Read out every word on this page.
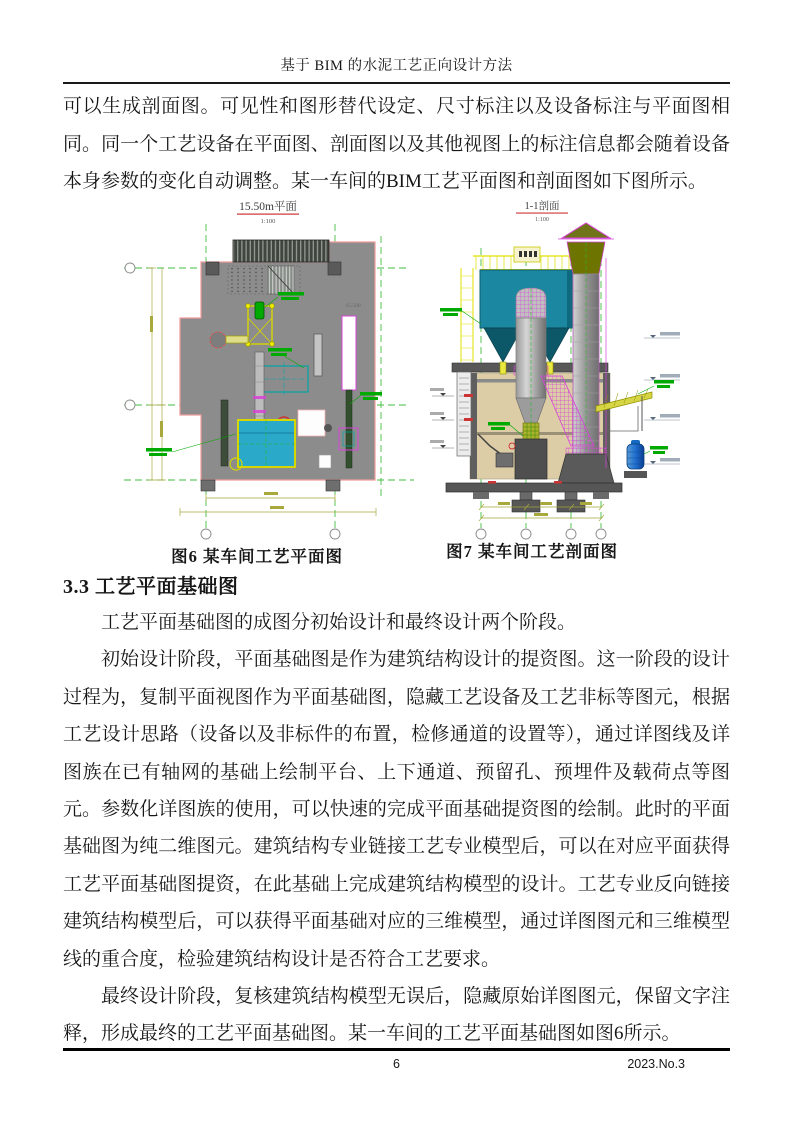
基于 BIM 的水泥工艺正向设计方法
可以生成剖面图。可见性和图形替代设定、尺寸标注以及设备标注与平面图相同。同一个工艺设备在平面图、剖面图以及其他视图上的标注信息都会随着设备本身参数的变化自动调整。某一车间的BIM工艺平面图和剖面图如下图所示。
15.500
15.50m平面
1:100
图6 某车间工艺平面图
1-1剖面
1:100
图7 某车间工艺剖面图
3.3 工艺平面基础图

工艺平面基础图的成图分初始设计和最终设计两个阶段。

初始设计阶段，平面基础图是作为建筑结构设计的提资图。这一阶段的设计过程为，复制平面视图作为平面基础图，隐藏工艺设备及工艺非标等图元，根据工艺设计思路（设备以及非标件的布置，检修通道的设置等），通过详图线及详图族在已有轴网的基础上绘制平台、上下通道、预留孔、预埋件及载荷点等图元。参数化详图族的使用，可以快速的完成平面基础提资图的绘制。此时的平面基础图为纯二维图元。建筑结构专业链接工艺专业模型后，可以在对应平面获得工艺平面基础图提资，在此基础上完成建筑结构模型的设计。工艺专业反向链接建筑结构模型后，可以获得平面基础对应的三维模型，通过详图图元和三维模型线的重合度，检验建筑结构设计是否符合工艺要求。

最终设计阶段，复核建筑结构模型无误后，隐藏原始详图图元，保留文字注释，形成最终的工艺平面基础图。某一车间的工艺平面基础图如图6所示。

6	2023.No.3
